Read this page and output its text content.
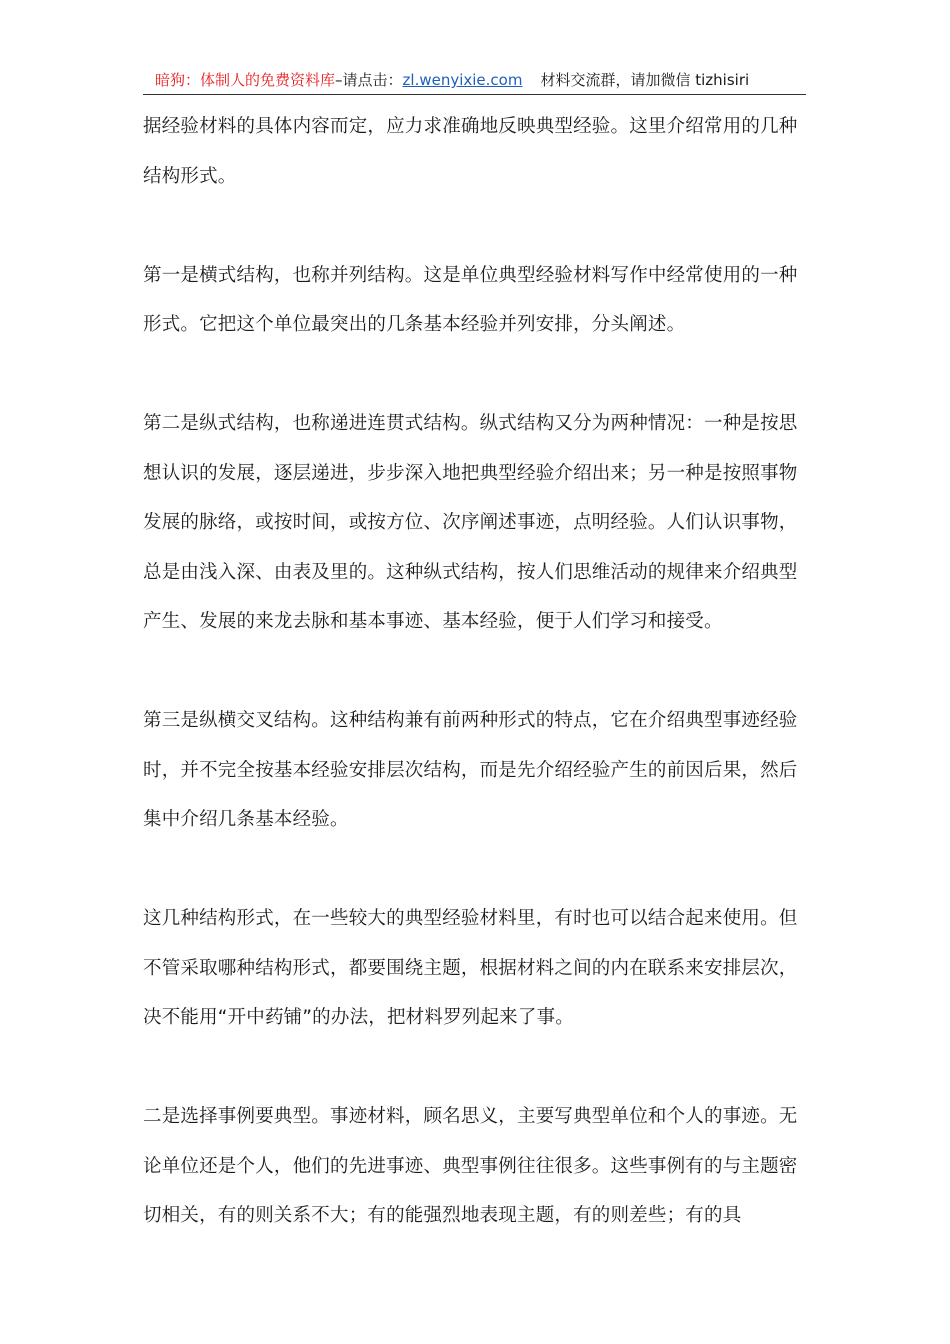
暗狗：体制人的免费资料库–请点击：zl.wenyixie.com 材料交流群，请加微信 tizhisiri

据经验材料的具体内容而定，应力求准确地反映典型经验。这里介绍常用的几种结构形式。

第一是横式结构，也称并列结构。这是单位典型经验材料写作中经常使用的一种形式。它把这个单位最突出的几条基本经验并列安排，分头阐述。

第二是纵式结构，也称递进连贯式结构。纵式结构又分为两种情况：一种是按思想认识的发展，逐层递进，步步深入地把典型经验介绍出来；另一种是按照事物发展的脉络，或按时间，或按方位、次序阐述事迹，点明经验。人们认识事物，总是由浅入深、由表及里的。这种纵式结构，按人们思维活动的规律来介绍典型产生、发展的来龙去脉和基本事迹、基本经验，便于人们学习和接受。

第三是纵横交叉结构。这种结构兼有前两种形式的特点，它在介绍典型事迹经验时，并不完全按基本经验安排层次结构，而是先介绍经验产生的前因后果，然后集中介绍几条基本经验。

这几种结构形式，在一些较大的典型经验材料里，有时也可以结合起来使用。但不管采取哪种结构形式，都要围绕主题，根据材料之间的内在联系来安排层次，决不能用“开中药铺”的办法，把材料罗列起来了事。

二是选择事例要典型。事迹材料，顾名思义，主要写典型单位和个人的事迹。无论单位还是个人，他们的先进事迹、典型事例往往很多。这些事例有的与主题密切相关，有的则关系不大；有的能强烈地表现主题，有的则差些；有的具
